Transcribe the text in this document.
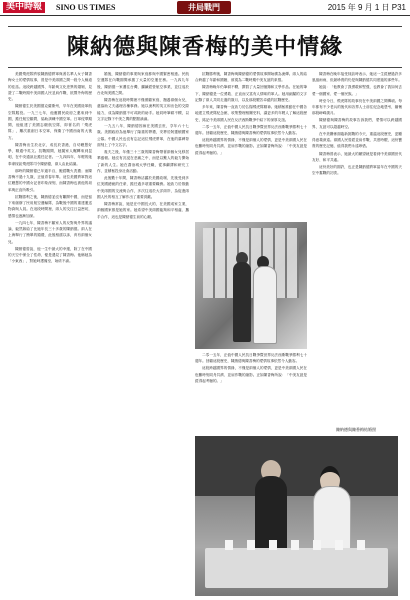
美中時報	SINO US TIMES	井局戰門	2015 年 9 月 1 日 P31
陳納德與陳香梅的美中情緣

美國飛虎隊將領陳納德將軍與著名華人女子陳香梅女士的愛情故事，曾是中美兩國之間一段令人稱道的佳話。這段跨越國界、年齡與文化差異的婚姻，見證了二戰時期中美兩國人民並肩作戰、抵禦外侮的歷史。

陳納德生於美國德克薩斯州，早年在美國陸軍航空隊服役。一九三七年，他應國民政府之邀來到中國，擔任航空顧問，協助訓練中國空軍。日軍侵華期間，他組建了美國志願航空隊，即著名的「飛虎隊」，屢次重創日本空軍，保衛了中國西南的大後方。

陳香梅出生於北京，成長於香港，自幼聰慧好學，精通中英文。抗戰期間，她隨家人輾轉來到昆明，在中央通訊社擔任記者。一九四四年，年輕的她奉命採訪飛虎隊司令陳納德，兩人由此結識。

那時的陳納德已年過半百，飽經戰火洗禮；而陳香梅不過十九歲，正值青春年華。這位美國將軍對這位聰慧的中國女記者印象深刻，而陳香梅也被他的坦率與正直所吸引。

抗戰勝利之後，陳納德並沒有離開中國，而是留下來創辦了民用航空運輸隊，為戰後中國的重建運送物資與人員。在這段時間裡，兩人的交往日益密切，感情也逐漸加深。

一九四七年，陳香梅不顧家人的反對與外界的議論，毅然嫁給了比她年長三十多歲的陳納德。兩人在上海舉行了簡單的婚禮，此後相濡以沫，育有兩個女兒。

陳納德曾說，他一生中最大的幸運，除了在中國的天空中保全了性命，便是遇見了陳香梅。他稱她為「小東西」，對她呵護備至，始終不渝。

婚後，陳納德的事業與家庭都與中國緊密相連。民航空運隊在內戰期間承擔了大量的空運任務。一九四九年後，陳納德一家遷往台灣，繼續經營航空事業，並往返於台北與美國之間。

陳香梅在這段時間裡不僅照顧家庭、撫養兩個女兒，還協助丈夫處理各種事務。她以流利的英文和出色的交際能力，成為陳納德不可或缺的助手。她同時筆耕不輟，以文字記錄下中美之間的點點滴滴。

一九五八年，陳納德因病在美國去世，享年六十七歲。美國政府為他舉行了隆重的葬禮，安葬於阿靈頓國家公墓。中國人民也沒有忘記這位飛虎將軍，在他的墓碑背面刻上了中文名字。

喪夫之後，年僅三十三歲的陳香梅帶著兩個女兒移居華盛頓。她沒有沉浸在悲痛之中，而是以驚人的毅力開始了新的人生。她在喬治城大學任職，從事翻譯和研究工作，並積極投身社會活動。

此後數十年間，陳香梅活躍於美國政壇，先後受到多位美國總統的任命，擔任過多項重要職務。她致力於推動中美兩國的交流與合作，多次往返於大洋兩岸，為促進兩國人民的相互了解作出了重要貢獻。

陳香梅常說，她是在中國長大的，在美國成家立業，兩個國家都是她的家。她希望中美兩國能夠和平相處、攜手合作，這也是陳納德生前的心願。

抗戰勝利後，陳香梅與陳納德的愛情故事開始廣為流傳。兩人的結合跨越了年齡和國籍，被視為二戰時期中美友誼的象徵。

陳香梅晚年仍筆耕不輟，撰寫了大量回憶錄和文學作品。在她的筆下，陳納德是一位勇敢、正直而又富有人情味的軍人。她用細膩的文字記錄了兩人共同走過的歲月，以及那段艱苦卓絕的抗戰歷史。

多年來，陳香梅一直致力於弘揚飛虎隊精神。她積極推動在中國各地建立飛虎隊紀念館，收集整理相關史料，讓更多的年輕人了解這段歷史，銘記中美兩國人民在反法西斯戰爭中結下的深厚友誼。

二零一五年，正值中國人民抗日戰爭暨世界反法西斯戰爭勝利七十週年。回顧這段歷史，陳納德與陳香梅的愛情故事依然令人動容。

這段跨越國界的情緣，不僅是兩個人的愛情，更是中美兩國人民在危難時刻同舟共濟、並肩作戰的縮影。正如陳香梅所說：「中美友誼是經得起考驗的。」

二零一五年，正值中國人民抗日戰爭暨世界反法西斯戰爭勝利七十週年。回顧這段歷史，陳納德與陳香梅的愛情故事依然令人動容。

這段跨越國界的情緣，不僅是兩個人的愛情，更是中美兩國人民在危難時刻同舟共濟、並肩作戰的縮影。正如陳香梅所說：「中美友誼是經得起考驗的。」

陳香梅在晚年接受採訪時表示，她這一生經歷過許多風風雨雨，但最珍貴的仍是與陳納德共同度過的那些年。

她說：「他教會了我勇敢和堅強，也教會了我如何去愛一個國家、愛一個民族。」

時至今日，飛虎隊的故事仍在中美兩國之間傳頌。每年都有不少老兵的後代和各界人士前往紀念地憑弔，緬懷那段崢嶸歲月。

陳納德與陳香梅的故事告訴我們，愛情可以跨越國界，友誼可以超越時空。

在中美關係面臨新挑戰的今天，重溫這段歷史，更顯得意義深遠。兩國人民曾經並肩作戰、共度時艱，這份寶貴的歷史記憶，值得我們永遠珍惜。

陳香梅曾表示，她最大的願望就是看到中美兩國世代友好、和平共處。

這份美好的期許，也正是陳納德將軍當年在中國的天空中奮戰的初衷。

陳納德與陳香梅結婚照
